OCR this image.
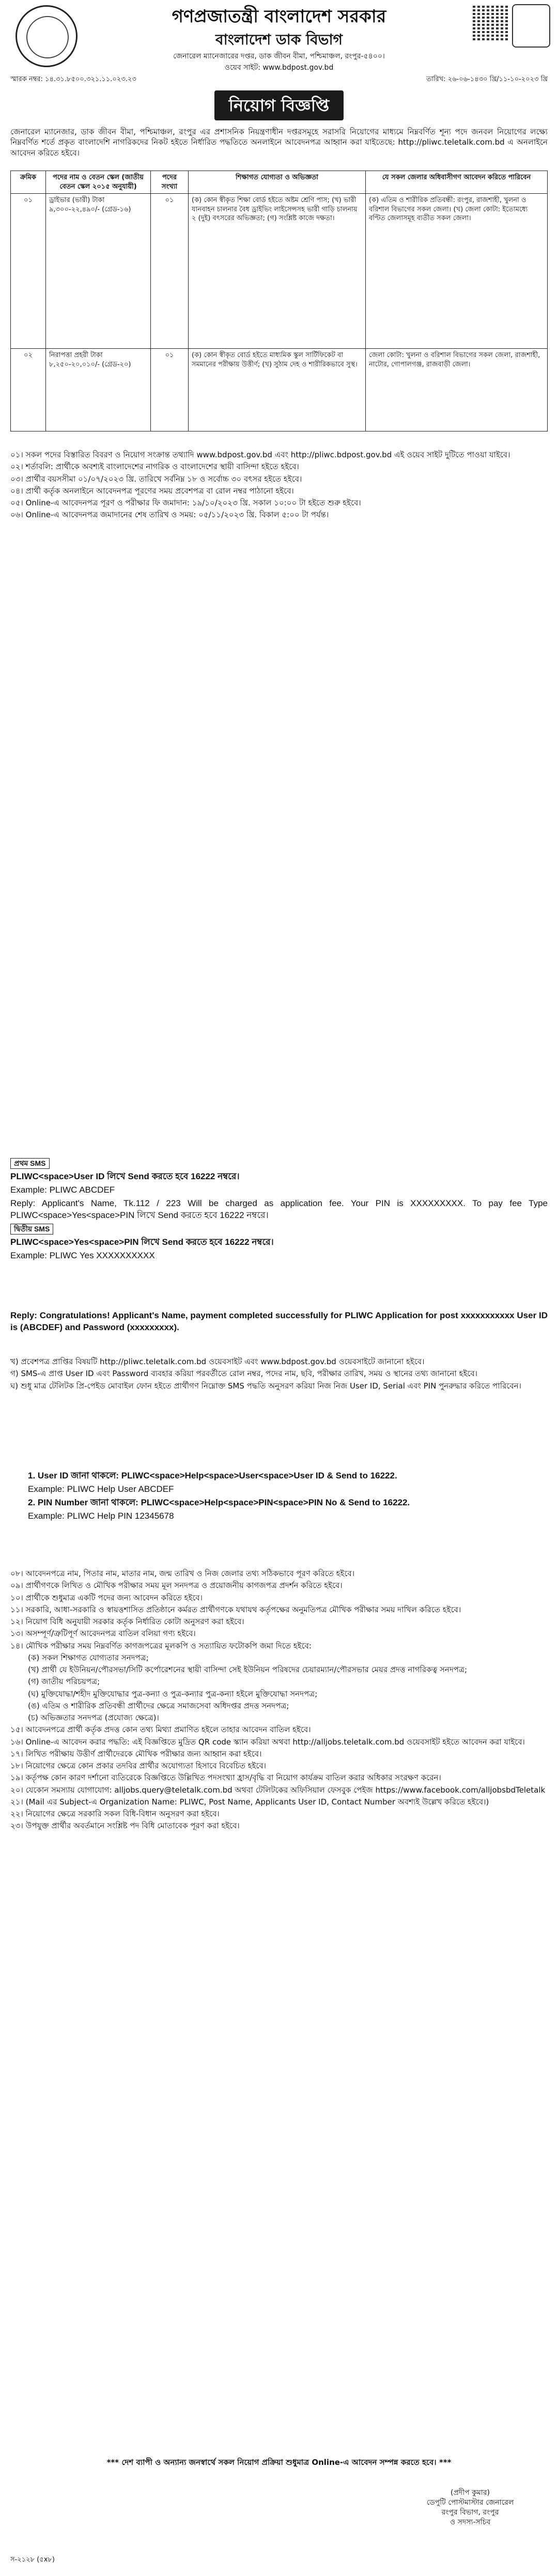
গণপ্রজাতন্ত্রী বাংলাদেশ সরকার
বাংলাদেশ ডাক বিভাগ
জেনারেল ম্যানেজারের দপ্তর, ডাক জীবন বীমা, পশ্চিমাঞ্চল, রংপুর-৫৪০০।
ওয়েব সাইট: www.bdpost.gov.bd
স্মারক নম্বর: ১৪.৩১.৮৫০০.৩২১.১১.০২৩.২৩	তারিখ: ২৬-০৬-১৪৩০ খ্রি/১১-১০-২০২৩ খ্রি
নিয়োগ বিজ্ঞপ্তি
জেনারেল ম্যানেজার, ডাক জীবন বীমা, পশ্চিমাঞ্চল, রংপুর এর প্রশাসনিক নিয়ন্ত্রণাধীন দপ্তরসমূহে সরাসরি নিয়োগের মাধ্যমে নিম্নবর্ণিত শূন্য পদে জনবল নিয়োগের লক্ষ্যে নিম্নবর্ণিত শর্তে প্রকৃত বাংলাদেশি নাগরিকদের নিকট হইতে নির্ধারিত পদ্ধতিতে অনলাইনে আবেদনপত্র আহ্বান করা যাইতেছে: http://pliwc.teletalk.com.bd এ অনলাইনে আবেদন করিতে হইবে।
ক্রমিক	পদের নাম ও বেতন স্কেল (জাতীয় বেতন স্কেল ২০১৫ অনুযায়ী)	পদের সংখ্যা	শিক্ষাগত যোগ্যতা ও অভিজ্ঞতা	যে সকল জেলার অধিবাসীগণ আবেদন করিতে পারিবেন
০১	ড্রাইভার (ভারী) টাকা ৯,৩০০-২২,৪৯০/- (গ্রেড-১৬)	০১	(ক) কোন স্বীকৃত শিক্ষা বোর্ড হইতে অষ্টম শ্রেণি পাস; (খ) ভারী যানবাহন চালনার বৈধ ড্রাইভিং লাইসেন্সসহ ভারী গাড়ি চালনায় ২ (দুই) বৎসরের অভিজ্ঞতা; (গ) সংশ্লিষ্ট কাজে দক্ষতা।	(ক) এতিম ও শারীরিক প্রতিবন্ধী: রংপুর, রাজশাহী, খুলনা ও বরিশাল বিভাগের সকল জেলা। (খ) জেলা কোটা: ইতোমধ্যে বণ্টিত জেলাসমূহ ব্যতীত সকল জেলা।
০২	নিরাপত্তা প্রহরী টাকা ৮,২৫০-২০,০১০/- (গ্রেড-২০)	০১	(ক) কোন স্বীকৃত বোর্ড হইতে মাধ্যমিক স্কুল সার্টিফিকেট বা সমমানের পরীক্ষায় উত্তীর্ণ; (খ) সুঠাম দেহ ও শারীরিকভাবে সুস্থ।	জেলা কোটা: খুলনা ও বরিশাল বিভাগের সকল জেলা, রাজশাহী, নাটোর, গোপালগঞ্জ, রাজবাড়ী জেলা।

০১। সকল পদের বিস্তারিত বিবরণ ও নিয়োগ সংক্রান্ত তথ্যাদি www.bdpost.gov.bd এবং http://pliwc.bdpost.gov.bd এই ওয়েব সাইট দুটিতে পাওয়া যাইবে।

০২। শর্তাবলি: প্রার্থীকে অবশ্যই বাংলাদেশের নাগরিক ও বাংলাদেশের স্থায়ী বাসিন্দা হইতে হইবে।

০৩। প্রার্থীর বয়সসীমা ০১/০৭/২০২৩ খ্রি. তারিখে সর্বনিম্ন ১৮ ও সর্বোচ্চ ৩০ বৎসর হইতে হইবে।

০৪। প্রার্থী কর্তৃক অনলাইনে আবেদনপত্র পূরণের সময় প্রবেশপত্র বা রোল নম্বর পাঠানো হইবে।

০৫। Online-এ আবেদনপত্র পূরণ ও পরীক্ষার ফি জমাদান: ১৯/১০/২০২৩ খ্রি. সকাল ১০:০০ টা হইতে শুরু হইবে।

০৬। Online-এ আবেদনপত্র জমাদানের শেষ তারিখ ও সময়: ০৫/১১/২০২৩ খ্রি. বিকাল ৫:০০ টা পর্যন্ত।

প্রথম SMS

PLIWC<space>User ID লিখে Send করতে হবে 16222 নম্বরে।

Example: PLIWC ABCDEF

Reply: Applicant's Name, Tk.112 / 223 Will be charged as application fee. Your PIN is XXXXXXXXX. To pay fee Type PLIWC<space>Yes<space>PIN লিখে Send করতে হবে 16222 নম্বরে।

দ্বিতীয় SMS

PLIWC<space>Yes<space>PIN লিখে Send করতে হবে 16222 নম্বরে।

Example: PLIWC Yes XXXXXXXXXX

Reply: Congratulations! Applicant's Name, payment completed successfully for PLIWC Application for post xxxxxxxxxxx User ID is (ABCDEF) and Password (xxxxxxxxx).

খ) প্রবেশপত্র প্রাপ্তির বিষয়টি http://pliwc.teletalk.com.bd ওয়েবসাইট এবং www.bdpost.gov.bd ওয়েবসাইটে জানানো হইবে।

গ) SMS-এ প্রাপ্ত User ID এবং Password ব্যবহার করিয়া পরবর্তীতে রোল নম্বর, পদের নাম, ছবি, পরীক্ষার তারিখ, সময় ও স্থানের তথ্য জানানো হইবে।

ঘ) শুধু মাত্র টেলিটক প্রি-পেইড মোবাইল ফোন হইতে প্রার্থীগণ নিম্নোক্ত SMS পদ্ধতি অনুসরণ করিয়া নিজ নিজ User ID, Serial এবং PIN পুনরুদ্ধার করিতে পারিবেন।

1. User ID জানা থাকলে: PLIWC<space>Help<space>User<space>User ID & Send to 16222.

Example: PLIWC Help User ABCDEF

2. PIN Number জানা থাকলে: PLIWC<space>Help<space>PIN<space>PIN No & Send to 16222.

Example: PLIWC Help PIN 12345678

০৮। আবেদনপত্রে নাম, পিতার নাম, মাতার নাম, জন্ম তারিখ ও নিজ জেলার তথ্য সঠিকভাবে পূরণ করিতে হইবে।

০৯। প্রার্থীগণকে লিখিত ও মৌখিক পরীক্ষার সময় মূল সনদপত্র ও প্রয়োজনীয় কাগজপত্র প্রদর্শন করিতে হইবে।

১০। প্রার্থীকে শুধুমাত্র একটি পদের জন্য আবেদন করিতে হইবে।

১১। সরকারি, আধা-সরকারি ও স্বায়ত্তশাসিত প্রতিষ্ঠানে কর্মরত প্রার্থীগণকে যথাযথ কর্তৃপক্ষের অনুমতিপত্র মৌখিক পরীক্ষার সময় দাখিল করিতে হইবে।

১২। নিয়োগ বিধি অনুযায়ী সরকার কর্তৃক নির্ধারিত কোটা অনুসরণ করা হইবে।

১৩। অসম্পূর্ণ/ত্রুটিপূর্ণ আবেদনপত্র বাতিল বলিয়া গণ্য হইবে।

১৪। মৌখিক পরীক্ষার সময় নিম্নবর্ণিত কাগজপত্রের মূলকপি ও সত্যায়িত ফটোকপি জমা দিতে হইবে:

(ক) সকল শিক্ষাগত যোগ্যতার সনদপত্র;

(খ) প্রার্থী যে ইউনিয়ন/পৌরসভা/সিটি কর্পোরেশনের স্থায়ী বাসিন্দা সেই ইউনিয়ন পরিষদের চেয়ারম্যান/পৌরসভার মেয়র প্রদত্ত নাগরিকত্ব সনদপত্র;

(গ) জাতীয় পরিচয়পত্র;

(ঘ) মুক্তিযোদ্ধা/শহীদ মুক্তিযোদ্ধার পুত্র-কন্যা ও পুত্র-কন্যার পুত্র-কন্যা হইলে মুক্তিযোদ্ধা সনদপত্র;

(ঙ) এতিম ও শারীরিক প্রতিবন্ধী প্রার্থীদের ক্ষেত্রে সমাজসেবা অধিদপ্তর প্রদত্ত সনদপত্র;

(চ) অভিজ্ঞতার সনদপত্র (প্রযোজ্য ক্ষেত্রে)।

১৫। আবেদনপত্রে প্রার্থী কর্তৃক প্রদত্ত কোন তথ্য মিথ্যা প্রমাণিত হইলে তাহার আবেদন বাতিল হইবে।

১৬। Online-এ আবেদন করার পদ্ধতি: এই বিজ্ঞপ্তিতে মুদ্রিত QR code স্ক্যান করিয়া অথবা http://alljobs.teletalk.com.bd ওয়েবসাইট হইতে আবেদন করা যাইবে।

১৭। লিখিত পরীক্ষায় উত্তীর্ণ প্রার্থীদেরকে মৌখিক পরীক্ষার জন্য আহ্বান করা হইবে।

১৮। নিয়োগের ক্ষেত্রে কোন প্রকার তদবির প্রার্থীর অযোগ্যতা হিসাবে বিবেচিত হইবে।

১৯। কর্তৃপক্ষ কোন কারণ দর্শানো ব্যতিরেকে বিজ্ঞপ্তিতে উল্লিখিত পদসংখ্যা হ্রাস/বৃদ্ধি বা নিয়োগ কার্যক্রম বাতিল করার অধিকার সংরক্ষণ করেন।

২০। যেকোন সমস্যায় যোগাযোগ: alljobs.query@teletalk.com.bd অথবা টেলিটকের অফিসিয়াল ফেসবুক পেইজ https://www.facebook.com/alljobsbdTeletalk

২১। (Mail এর Subject-এ Organization Name: PLIWC, Post Name, Applicants User ID, Contact Number অবশ্যই উল্লেখ করিতে হইবে।)

২২। নিয়োগের ক্ষেত্রে সরকারি সকল বিধি-বিধান অনুসরণ করা হইবে।

২৩। উপযুক্ত প্রার্থীর অবর্তমানে সংশ্লিষ্ট পদ বিধি মোতাবেক পূরণ করা হইবে।

*** দেশ ব্যাপী ও অন্যান্য জনস্বার্থে সকল নিয়োগ প্রক্রিয়া শুধুমাত্র Online-এ আবেদন সম্পন্ন করতে হবে। ***
(প্রদীপ কুমার)
ডেপুটি পোস্টমাস্টার জেনারেল
রংপুর বিভাগ, রংপুর
ও সদস্য-সচিব
স-২১২৮ (৫x৮)
